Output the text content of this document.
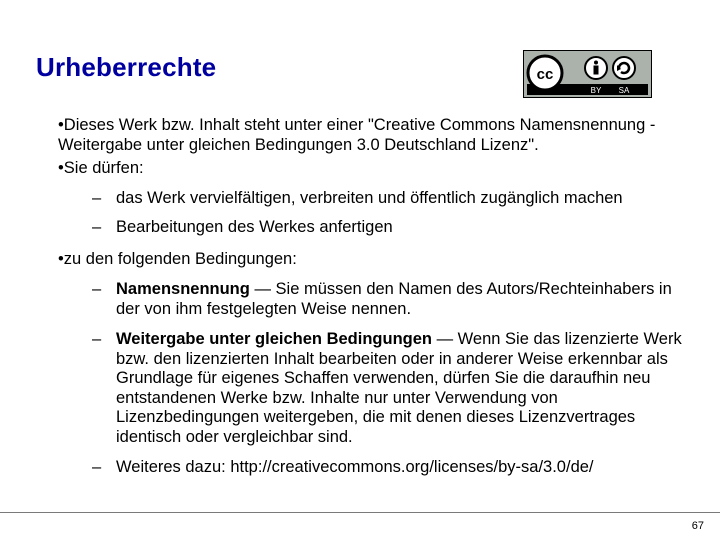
Urheberrechte	cc
BY SA
•Dieses Werk bzw. Inhalt steht unter einer "Creative Commons Namensnennung - Weitergabe unter gleichen Bedingungen 3.0 Deutschland Lizenz".
•Sie dürfen:
– das Werk vervielfältigen, verbreiten und öffentlich zugänglich machen
– Bearbeitungen des Werkes anfertigen
•zu den folgenden Bedingungen:
– Namensnennung — Sie müssen den Namen des Autors/Rechteinhabers in der von ihm festgelegten Weise nennen.
– Weitergabe unter gleichen Bedingungen — Wenn Sie das lizenzierte Werk bzw. den lizenzierten Inhalt bearbeiten oder in anderer Weise erkennbar als Grundlage für eigenes Schaffen verwenden, dürfen Sie die daraufhin neu entstandenen Werke bzw. Inhalte nur unter Verwendung von Lizenzbedingungen weitergeben, die mit denen dieses Lizenzvertrages identisch oder vergleichbar sind.
– Weiteres dazu: http://creativecommons.org/licenses/by-sa/3.0/de/
67
